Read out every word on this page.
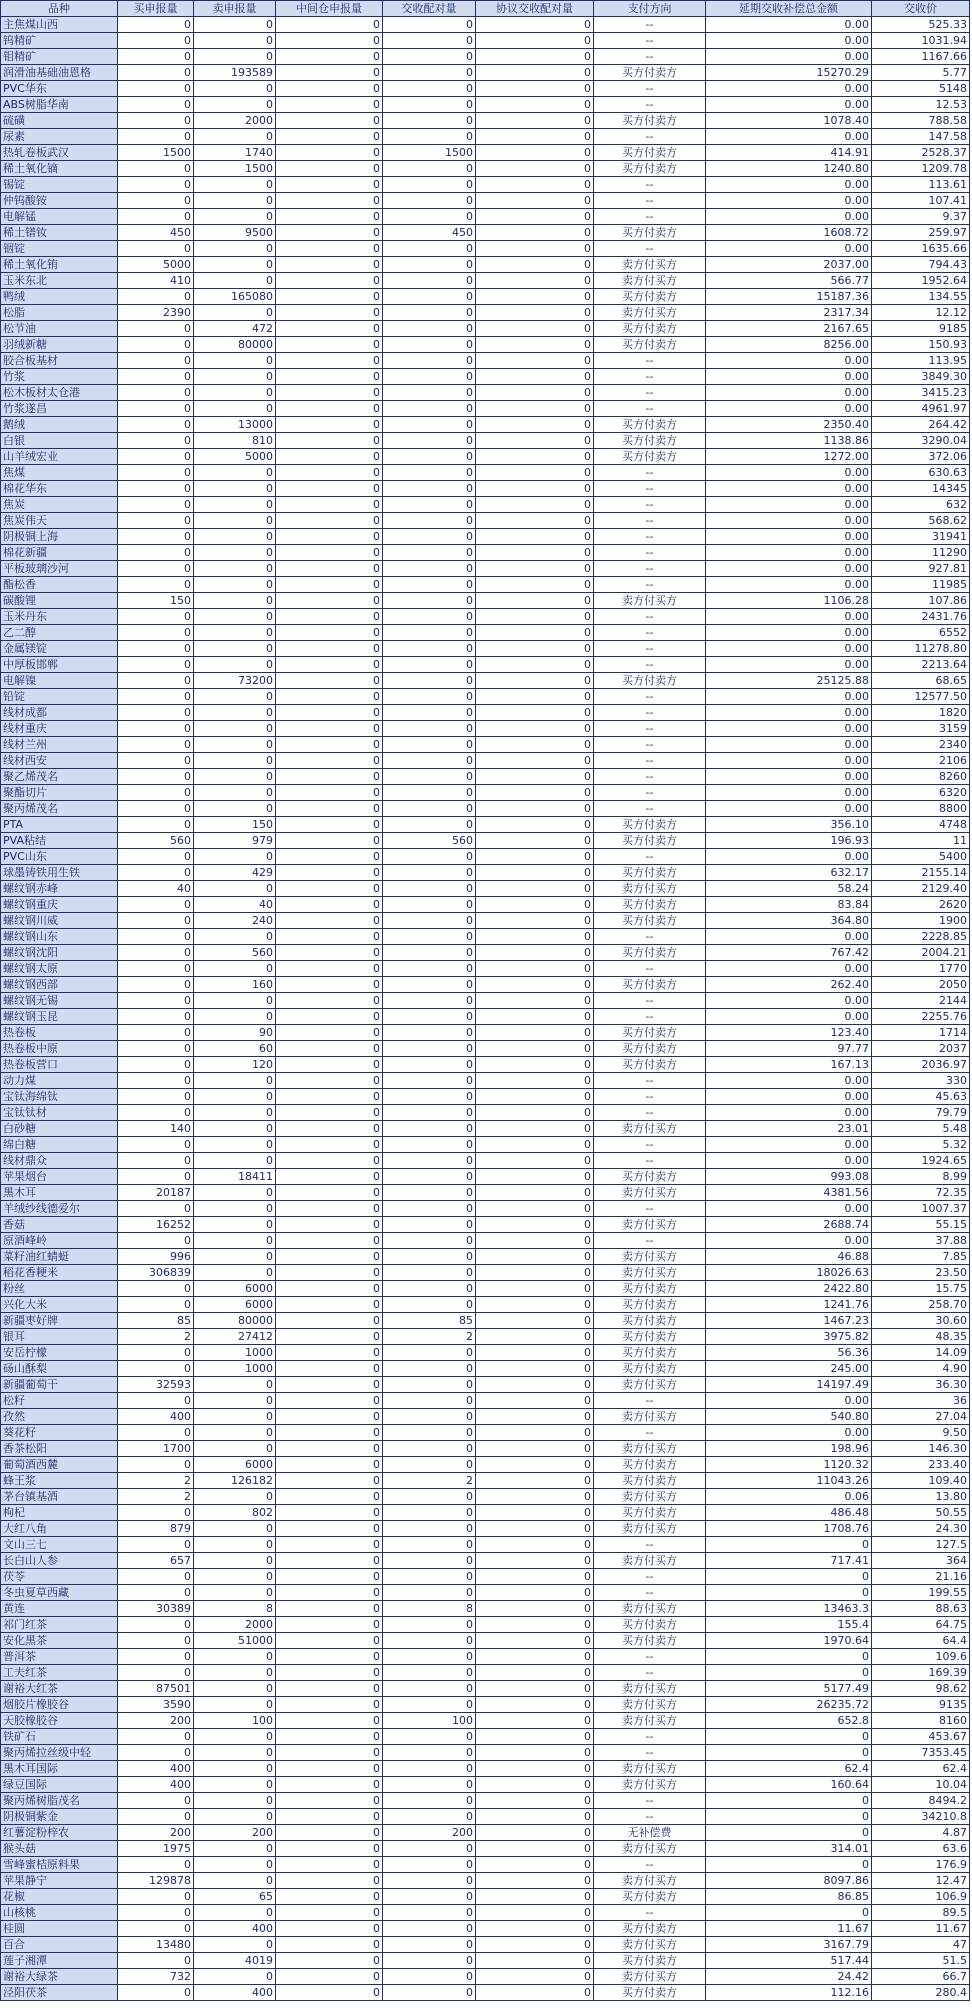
品种	买申报量	卖申报量	中间仓申报量	交收配对量	协议交收配对量	支付方向	延期交收补偿总金额	交收价
主焦煤山西	0	0	0	0	0	--	0.00	525.33
钨精矿	0	0	0	0	0	--	0.00	1031.94
钼精矿	0	0	0	0	0	--	0.00	1167.66
润滑油基础油恩格	0	193589	0	0	0	买方付卖方	15270.29	5.77
PVC华东	0	0	0	0	0	--	0.00	5148
ABS树脂华南	0	0	0	0	0	--	0.00	12.53
硫磺	0	2000	0	0	0	买方付卖方	1078.40	788.58
尿素	0	0	0	0	0	--	0.00	147.58
热轧卷板武汉	1500	1740	0	1500	0	买方付卖方	414.91	2528.37
稀土氧化镝	0	1500	0	0	0	买方付卖方	1240.80	1209.78
锡锭	0	0	0	0	0	--	0.00	113.61
仲钨酸铵	0	0	0	0	0	--	0.00	107.41
电解锰	0	0	0	0	0	--	0.00	9.37
稀土镨钕	450	9500	0	450	0	买方付卖方	1608.72	259.97
铟锭	0	0	0	0	0	--	0.00	1635.66
稀土氧化铕	5000	0	0	0	0	卖方付买方	2037.00	794.43
玉米东北	410	0	0	0	0	卖方付买方	566.77	1952.64
鸭绒	0	165080	0	0	0	买方付卖方	15187.36	134.55
松脂	2390	0	0	0	0	卖方付买方	2317.34	12.12
松节油	0	472	0	0	0	买方付卖方	2167.65	9185
羽绒新糖	0	80000	0	0	0	买方付卖方	8256.00	150.93
胶合板基材	0	0	0	0	0	--	0.00	113.95
竹浆	0	0	0	0	0	--	0.00	3849.30
松木板材太仓港	0	0	0	0	0	--	0.00	3415.23
竹浆遂昌	0	0	0	0	0	--	0.00	4961.97
鹅绒	0	13000	0	0	0	买方付卖方	2350.40	264.42
白银	0	810	0	0	0	买方付卖方	1138.86	3290.04
山羊绒宏业	0	5000	0	0	0	买方付卖方	1272.00	372.06
焦煤	0	0	0	0	0	--	0.00	630.63
棉花华东	0	0	0	0	0	--	0.00	14345
焦炭	0	0	0	0	0	--	0.00	632
焦炭伟天	0	0	0	0	0	--	0.00	568.62
阴极铜上海	0	0	0	0	0	--	0.00	31941
棉花新疆	0	0	0	0	0	--	0.00	11290
平板玻璃沙河	0	0	0	0	0	--	0.00	927.81
酯松香	0	0	0	0	0	--	0.00	11985
碳酸锂	150	0	0	0	0	卖方付买方	1106.28	107.86
玉米丹东	0	0	0	0	0	--	0.00	2431.76
乙二醇	0	0	0	0	0	--	0.00	6552
金属镁锭	0	0	0	0	0	--	0.00	11278.80
中厚板邯郸	0	0	0	0	0	--	0.00	2213.64
电解镍	0	73200	0	0	0	买方付卖方	25125.88	68.65
铅锭	0	0	0	0	0	--	0.00	12577.50
线材成都	0	0	0	0	0	--	0.00	1820
线材重庆	0	0	0	0	0	--	0.00	3159
线材兰州	0	0	0	0	0	--	0.00	2340
线材西安	0	0	0	0	0	--	0.00	2106
聚乙烯茂名	0	0	0	0	0	--	0.00	8260
聚酯切片	0	0	0	0	0	--	0.00	6320
聚丙烯茂名	0	0	0	0	0	--	0.00	8800
PTA	0	150	0	0	0	买方付卖方	356.10	4748
PVA粘结	560	979	0	560	0	买方付卖方	196.93	11
PVC山东	0	0	0	0	0	--	0.00	5400
球墨铸铁用生铁	0	429	0	0	0	买方付卖方	632.17	2155.14
螺纹钢赤峰	40	0	0	0	0	卖方付买方	58.24	2129.40
螺纹钢重庆	0	40	0	0	0	买方付卖方	83.84	2620
螺纹钢川威	0	240	0	0	0	买方付卖方	364.80	1900
螺纹钢山东	0	0	0	0	0	--	0.00	2228.85
螺纹钢沈阳	0	560	0	0	0	买方付卖方	767.42	2004.21
螺纹钢太原	0	0	0	0	0	--	0.00	1770
螺纹钢西部	0	160	0	0	0	买方付卖方	262.40	2050
螺纹钢无锡	0	0	0	0	0	--	0.00	2144
螺纹钢玉昆	0	0	0	0	0	--	0.00	2255.76
热卷板	0	90	0	0	0	买方付卖方	123.40	1714
热卷板中原	0	60	0	0	0	买方付卖方	97.77	2037
热卷板营口	0	120	0	0	0	买方付卖方	167.13	2036.97
动力煤	0	0	0	0	0	--	0.00	330
宝钛海绵钛	0	0	0	0	0	--	0.00	45.63
宝钛钛材	0	0	0	0	0	--	0.00	79.79
白砂糖	140	0	0	0	0	卖方付买方	23.01	5.48
绵白糖	0	0	0	0	0	--	0.00	5.32
线材鼎众	0	0	0	0	0	--	0.00	1924.65
苹果烟台	0	18411	0	0	0	买方付卖方	993.08	8.99
黑木耳	20187	0	0	0	0	卖方付买方	4381.56	72.35
羊绒纱线德爱尔	0	0	0	0	0	--	0.00	1007.37
香菇	16252	0	0	0	0	卖方付买方	2688.74	55.15
原酒峰岭	0	0	0	0	0	--	0.00	37.88
菜籽油红蜻蜓	996	0	0	0	0	卖方付买方	46.88	7.85
稻花香粳米	306839	0	0	0	0	卖方付买方	18026.63	23.50
粉丝	0	6000	0	0	0	买方付卖方	2422.80	15.75
兴化大米	0	6000	0	0	0	买方付卖方	1241.76	258.70
新疆枣好牌	85	80000	0	85	0	买方付卖方	1467.23	30.60
银耳	2	27412	0	2	0	买方付卖方	3975.82	48.35
安岳柠檬	0	1000	0	0	0	买方付卖方	56.36	14.09
砀山酥梨	0	1000	0	0	0	买方付卖方	245.00	4.90
新疆葡萄干	32593	0	0	0	0	卖方付买方	14197.49	36.30
松籽	0	0	0	0	0	--	0.00	36
孜然	400	0	0	0	0	卖方付买方	540.80	27.04
葵花籽	0	0	0	0	0	--	0.00	9.50
香茶松阳	1700	0	0	0	0	卖方付买方	198.96	146.30
葡萄酒西麓	0	6000	0	0	0	买方付卖方	1120.32	233.40
蜂王浆	2	126182	0	2	0	买方付卖方	11043.26	109.40
茅台镇基酒	2	0	0	0	0	卖方付买方	0.06	13.80
枸杞	0	802	0	0	0	买方付卖方	486.48	50.55
大红八角	879	0	0	0	0	卖方付买方	1708.76	24.30
文山三七	0	0	0	0	0	--	0	127.5
长白山人参	657	0	0	0	0	卖方付买方	717.41	364
茯苓	0	0	0	0	0	--	0	21.16
冬虫夏草西藏	0	0	0	0	0	--	0	199.55
黄连	30389	8	0	8	0	卖方付买方	13463.3	88.63
祁门红茶	0	2000	0	0	0	买方付卖方	155.4	64.75
安化黑茶	0	51000	0	0	0	买方付卖方	1970.64	64.4
普洱茶	0	0	0	0	0	--	0	109.6
工夫红茶	0	0	0	0	0	--	0	169.39
谢裕大红茶	87501	0	0	0	0	卖方付买方	5177.49	98.62
烟胶片橡胶谷	3590	0	0	0	0	卖方付买方	26235.72	9135
天胶橡胶谷	200	100	0	100	0	卖方付买方	652.8	8160
铁矿石	0	0	0	0	0	--	0	453.67
聚丙烯拉丝级中轻	0	0	0	0	0	--	0	7353.45
黑木耳国际	400	0	0	0	0	卖方付买方	62.4	62.4
绿豆国际	400	0	0	0	0	卖方付买方	160.64	10.04
聚丙烯树脂茂名	0	0	0	0	0	--	0	8494.2
阴极铜紫金	0	0	0	0	0	--	0	34210.8
红薯淀粉梓农	200	200	0	200	0	无补偿费	0	4.87
猴头菇	1975	0	0	0	0	卖方付买方	314.01	63.6
雪峰蜜桔原料果	0	0	0	0	0	--	0	176.9
苹果静宁	129878	0	0	0	0	卖方付买方	8097.86	12.47
花椒	0	65	0	0	0	买方付卖方	86.85	106.9
山核桃	0	0	0	0	0	--	0	89.5
桂圆	0	400	0	0	0	买方付卖方	11.67	11.67
百合	13480	0	0	0	0	卖方付买方	3167.79	47
莲子湘潭	0	4019	0	0	0	买方付卖方	517.44	51.5
谢裕大绿茶	732	0	0	0	0	卖方付买方	24.42	66.7
泾阳茯茶	0	400	0	0	0	买方付卖方	112.16	280.4
